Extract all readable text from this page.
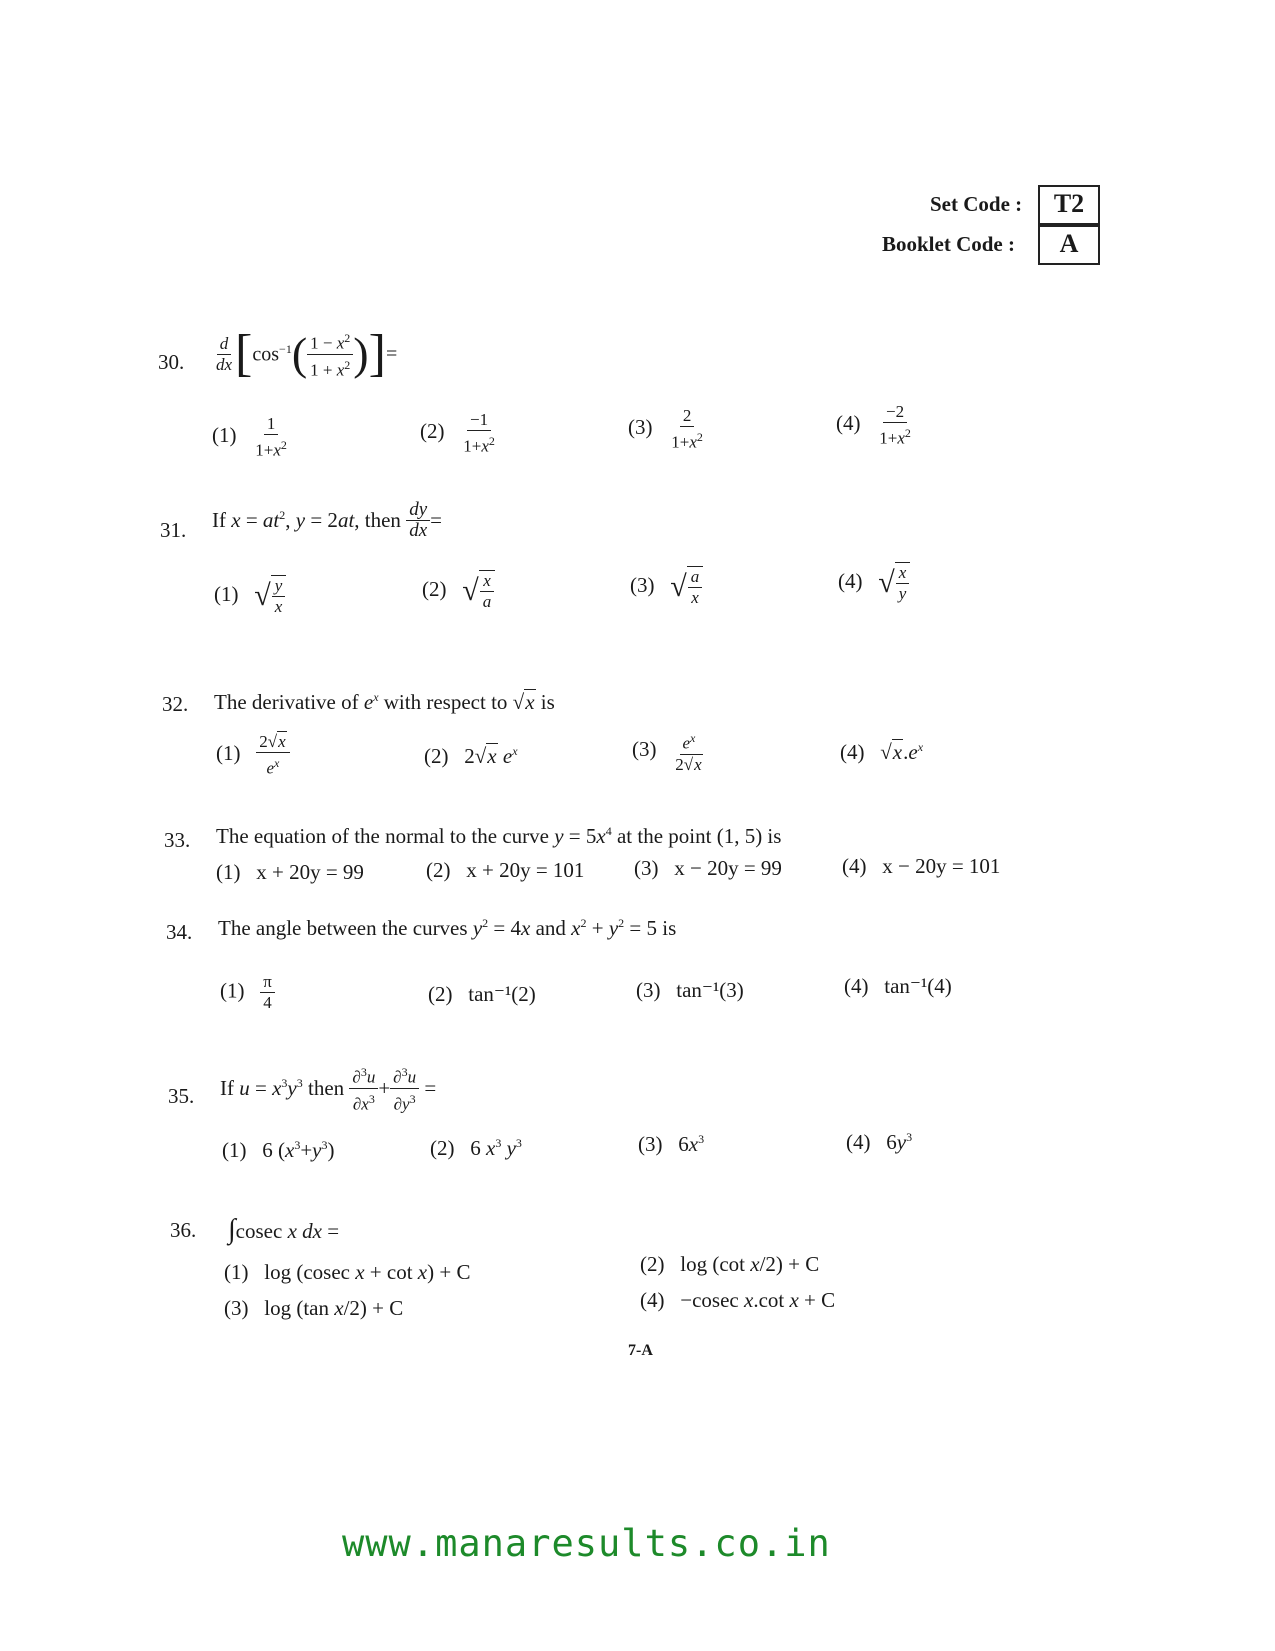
Set Code :	T2
Booklet Code :	A
30. $\frac{d}{dx}$ [ $\cos^{-1}$ ( $\frac{1 - x^2}{1 + x^2}$ ) ] =
$(1) \frac{1}{1+x^2}$	$(2) \frac{-1}{1+x^2}$	$(3) \frac{2}{1+x^2}$	$(4) \frac{-2}{1+x^2}$
31. If $x = at^2$, y = 2at, then $\frac{dy}{dx}$ =
(1) √ $\frac{y}{x}$	(2) √ $\frac{x}{a}$	(3) √ $\frac{a}{x}$	(4) √ $\frac{x}{y}$
32. The derivative of $e^x$ with respect to √x is
$(1) \frac{2√x}{e^x}$	(2)   2√x $e^x$	$(3) \frac{e^x}{2√x}$	(4)   $√x.e^x$
33. The equation of the normal to the curve $y = 5x^4$ at the point (1, 5) is
(1) x + 20y = 99	(2) x + 20y = 101 (3) x − 20y = 99	(4) x − 20y = 101
34. The angle between the curves $y^2 = 4x$ and $x^2 + y^2 = 5$ is
$(1) \frac{\pi}{4}$	(2) tan⁻¹(2)	(3) tan⁻¹(3)	(4) tan⁻¹(4)
35. If $u = x^3y^3$ then $\frac{\partial^3u}{\partial x^3} + \frac{\partial^3u}{\partial y^3}$ =
(1)   6 $(x^3+y^3)$	(2)   6 $x^3$ $y^3$	(3)   $6x^3$	(4)   $6y^3$
36. ∫cosec x dx =
(1)   log (cosec x + cot x) + C	(2)   log (cot x/2) + C
(3)   log (tan x/2) + C	(4)   −cosec x.cot x + C
7-A
www.manaresults.co.in
